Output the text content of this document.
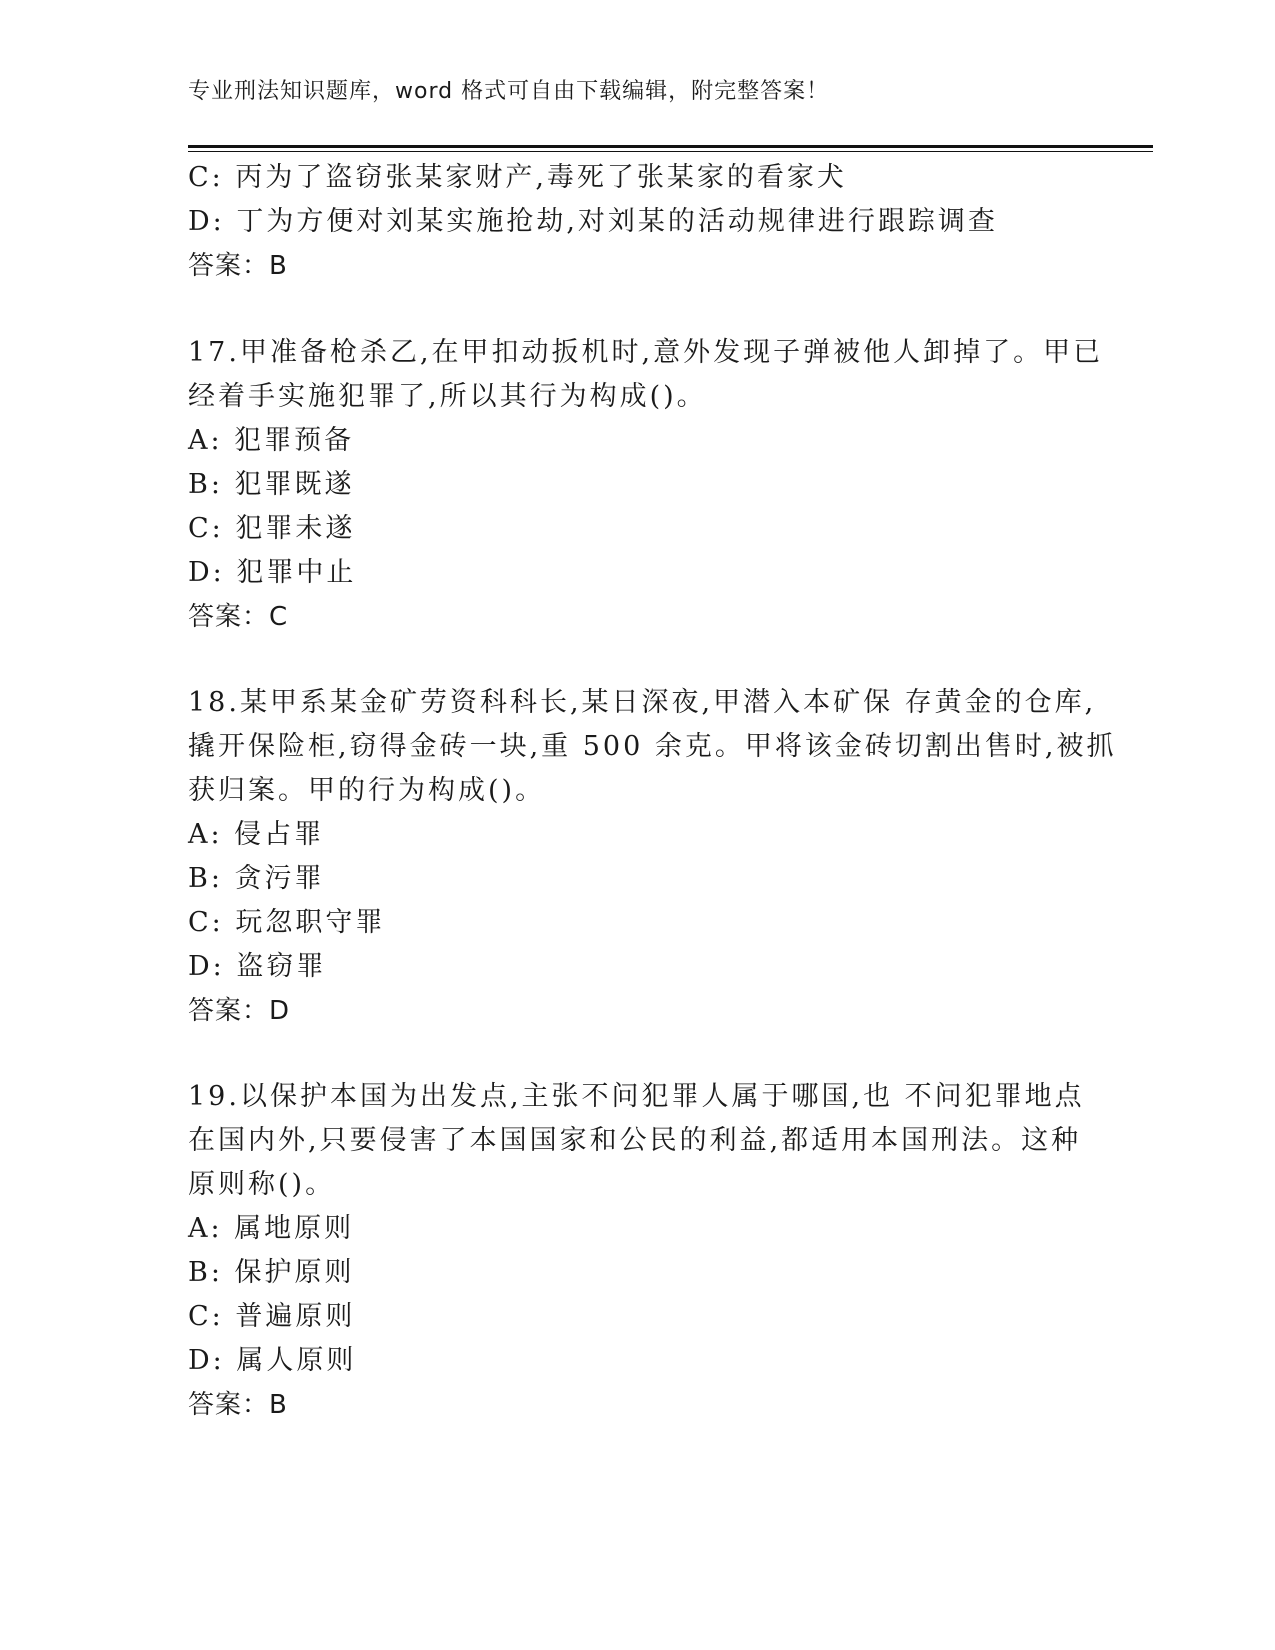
专业刑法知识题库，word 格式可自由下载编辑，附完整答案！
C: 丙为了盗窃张某家财产,毒死了张某家的看家犬
D: 丁为方便对刘某实施抢劫,对刘某的活动规律进行跟踪调查
答案：B
17.甲准备枪杀乙,在甲扣动扳机时,意外发现子弹被他人卸掉了。甲已
经着手实施犯罪了,所以其行为构成()。
A: 犯罪预备
B: 犯罪既遂
C: 犯罪未遂
D: 犯罪中止
答案：C
18.某甲系某金矿劳资科科长,某日深夜,甲潜入本矿保 存黄金的仓库,
撬开保险柜,窃得金砖一块,重 500 余克。甲将该金砖切割出售时,被抓
获归案。甲的行为构成()。
A: 侵占罪
B: 贪污罪
C: 玩忽职守罪
D: 盗窃罪
答案：D
19.以保护本国为出发点,主张不问犯罪人属于哪国,也 不问犯罪地点
在国内外,只要侵害了本国国家和公民的利益,都适用本国刑法。这种
原则称()。
A: 属地原则
B: 保护原则
C: 普遍原则
D: 属人原则
答案：B
